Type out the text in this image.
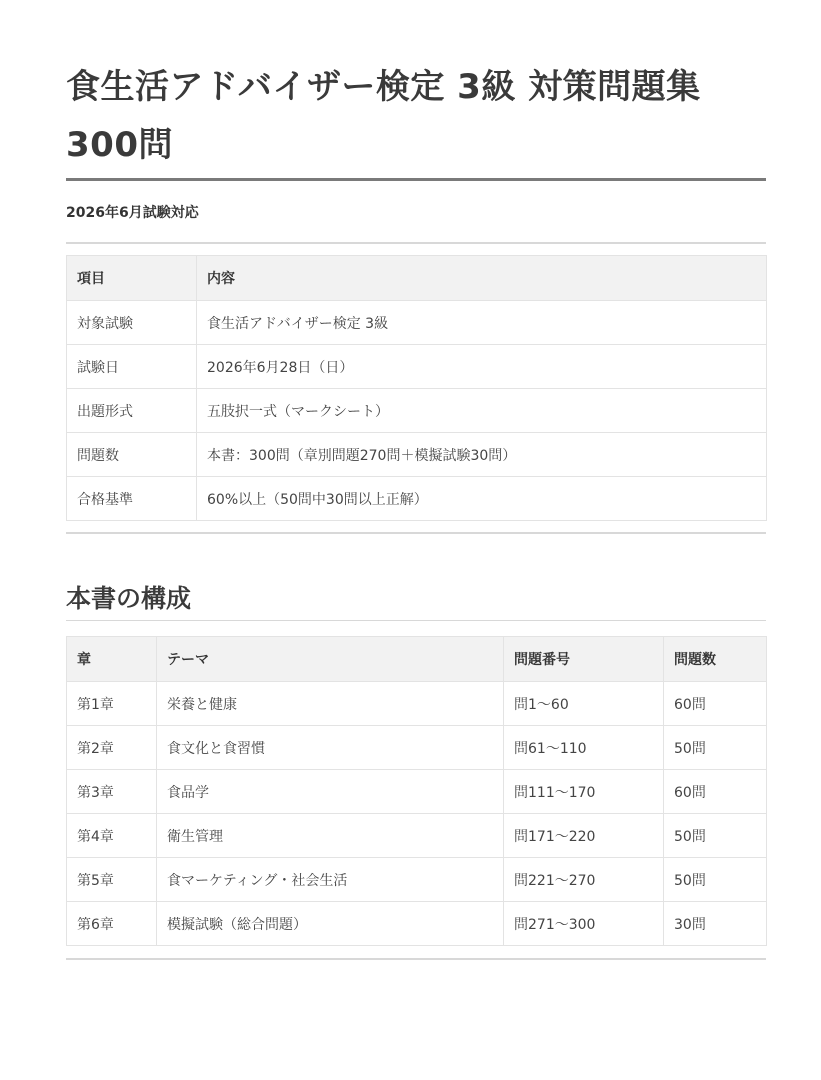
食生活アドバイザー検定 3級 対策問題集 300問
2026年6月試験対応
項目	内容
対象試験	食生活アドバイザー検定 3級
試験日	2026年6月28日（日）
出題形式	五肢択一式（マークシート）
問題数	本書：300問（章別問題270問＋模擬試験30問）
合格基準	60%以上（50問中30問以上正解）
本書の構成
章	テーマ	問題番号	問題数
第1章	栄養と健康	問1〜60	60問
第2章	食文化と食習慣	問61〜110	50問
第3章	食品学	問111〜170	60問
第4章	衛生管理	問171〜220	50問
第5章	食マーケティング・社会生活	問221〜270	50問
第6章	模擬試験（総合問題）	問271〜300	30問
